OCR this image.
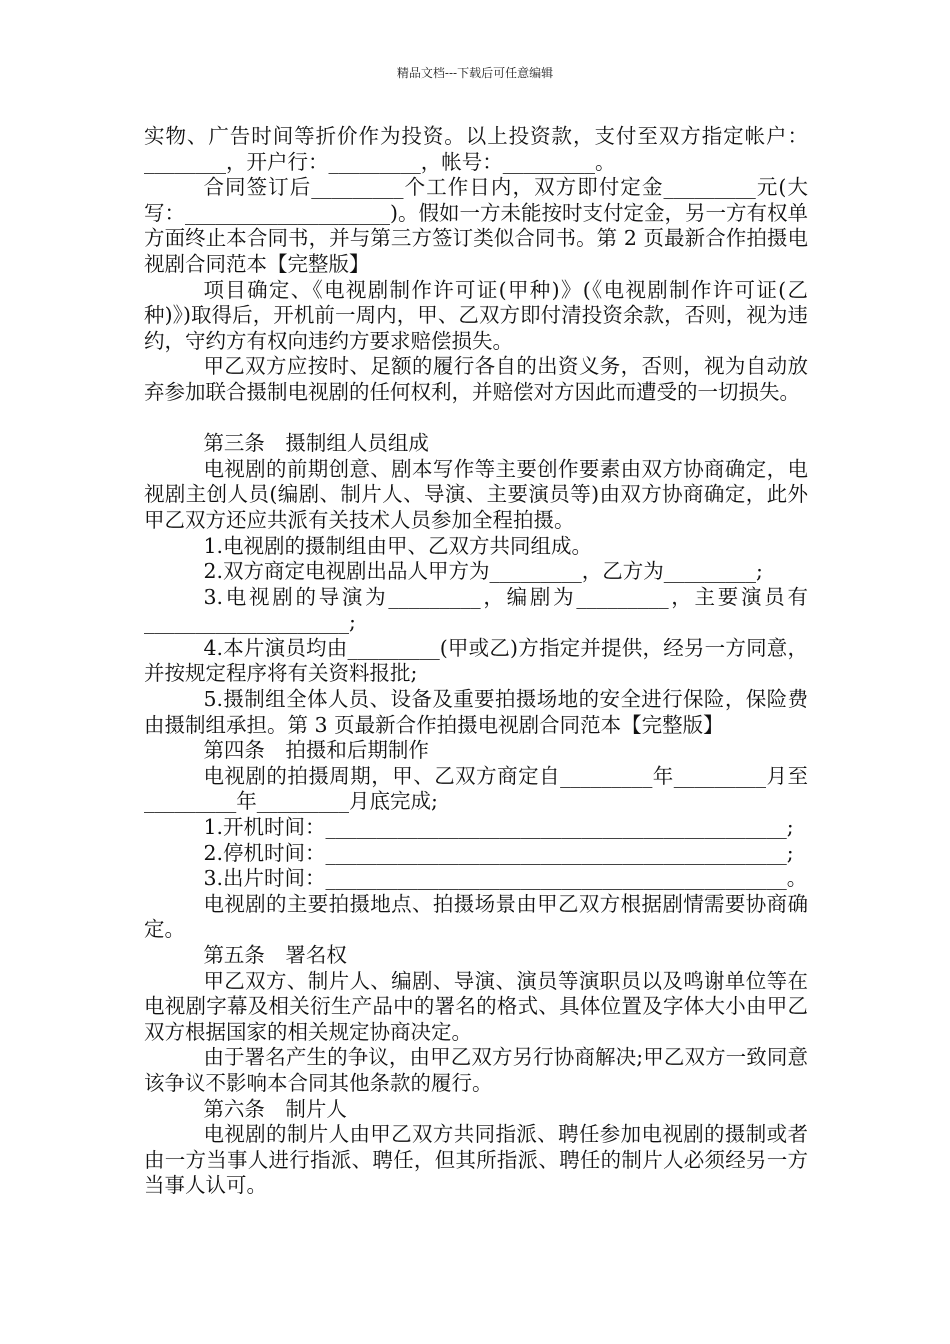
精品文档---下载后可任意编辑

实物、广告时间等折价作为投资。以上投资款，支付至双方指定帐户：________，开户行：_________，帐号：_________。

合同签订后_________个工作日内，双方即付定金_________元(大写：____________________)。假如一方未能按时支付定金，另一方有权单方面终止本合同书，并与第三方签订类似合同书。第 2 页最新合作拍摄电视剧合同范本【完整版】

项目确定、《电视剧制作许可证(甲种)》(《电视剧制作许可证(乙种)》)取得后，开机前一周内，甲、乙双方即付清投资余款，否则，视为违约，守约方有权向违约方要求赔偿损失。

甲乙双方应按时、足额的履行各自的出资义务，否则，视为自动放弃参加联合摄制电视剧的任何权利，并赔偿对方因此而遭受的一切损失。

第三条　摄制组人员组成

电视剧的前期创意、剧本写作等主要创作要素由双方协商确定，电视剧主创人员(编剧、制片人、导演、主要演员等)由双方协商确定，此外甲乙双方还应共派有关技术人员参加全程拍摄。

1.电视剧的摄制组由甲、乙双方共同组成。

2.双方商定电视剧出品人甲方为_________，乙方为_________;

3.电视剧的导演为_________，编剧为_________，主要演员有____________________;

4.本片演员均由_________(甲或乙)方指定并提供，经另一方同意，并按规定程序将有关资料报批;

5.摄制组全体人员、设备及重要拍摄场地的安全进行保险，保险费由摄制组承担。第 3 页最新合作拍摄电视剧合同范本【完整版】

第四条　拍摄和后期制作

电视剧的拍摄周期，甲、乙双方商定自_________年_________月至_________年_________月底完成;

1.开机时间：_____________________________________________;

2.停机时间：_____________________________________________;

3.出片时间：_____________________________________________。

电视剧的主要拍摄地点、拍摄场景由甲乙双方根据剧情需要协商确定。

第五条　署名权

甲乙双方、制片人、编剧、导演、演员等演职员以及鸣谢单位等在电视剧字幕及相关衍生产品中的署名的格式、具体位置及字体大小由甲乙双方根据国家的相关规定协商决定。

由于署名产生的争议，由甲乙双方另行协商解决;甲乙双方一致同意该争议不影响本合同其他条款的履行。

第六条　制片人

电视剧的制片人由甲乙双方共同指派、聘任参加电视剧的摄制或者由一方当事人进行指派、聘任，但其所指派、聘任的制片人必须经另一方当事人认可。
